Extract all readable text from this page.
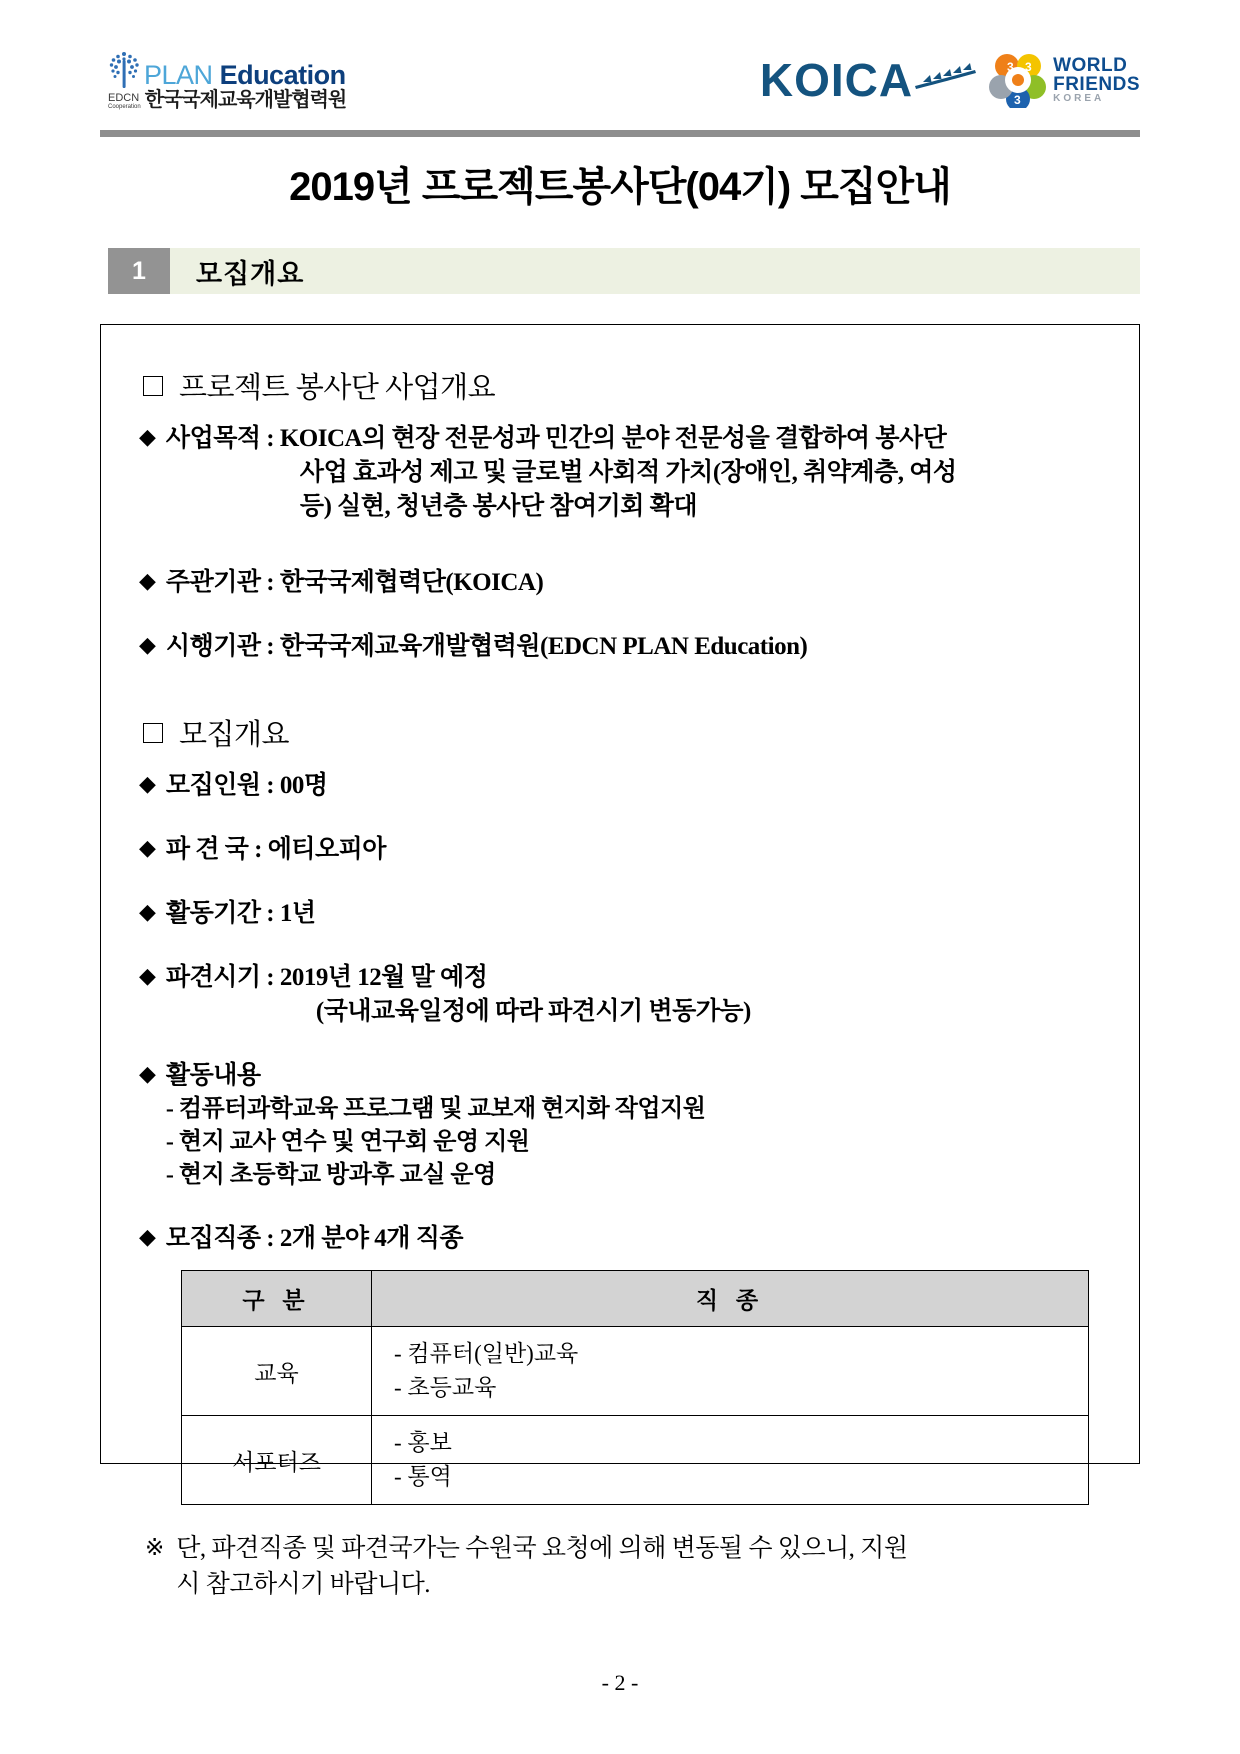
PLAN Education
EDCN
Cooperation 한국국제교육개발협력원	KOICA	3 3
3
WORLD
FRIENDS
KOREA
2019년 프로젝트봉사단(04기) 모집안내
1	모집개요
프로젝트 봉사단 사업개요
◆ 사업목적 : KOICA의 현장 전문성과 민간의 분야 전문성을 결합하여 봉사단
사업 효과성 제고 및 글로벌 사회적 가치(장애인, 취약계층, 여성
등) 실현, 청년층 봉사단 참여기회 확대
◆ 주관기관 : 한국국제협력단(KOICA)
◆ 시행기관 : 한국국제교육개발협력원(EDCN PLAN Education)
모집개요
◆ 모집인원 : 00명
◆ 파 견 국 : 에티오피아
◆ 활동기간 : 1년
◆ 파견시기 : 2019년 12월 말 예정
(국내교육일정에 따라 파견시기 변동가능)
◆ 활동내용
- 컴퓨터과학교육 프로그램 및 교보재 현지화 작업지원
- 현지 교사 연수 및 연구회 운영 지원
- 현지 초등학교 방과후 교실 운영
◆ 모집직종 : 2개 분야 4개 직종
구 분	직 종
교육	- 컴퓨터(일반)교육
- 초등교육

서포터즈	- 홍보
- 통역
※ 단, 파견직종 및 파견국가는 수원국 요청에 의해 변동될 수 있으니, 지원
시 참고하시기 바랍니다.
- 2 -
